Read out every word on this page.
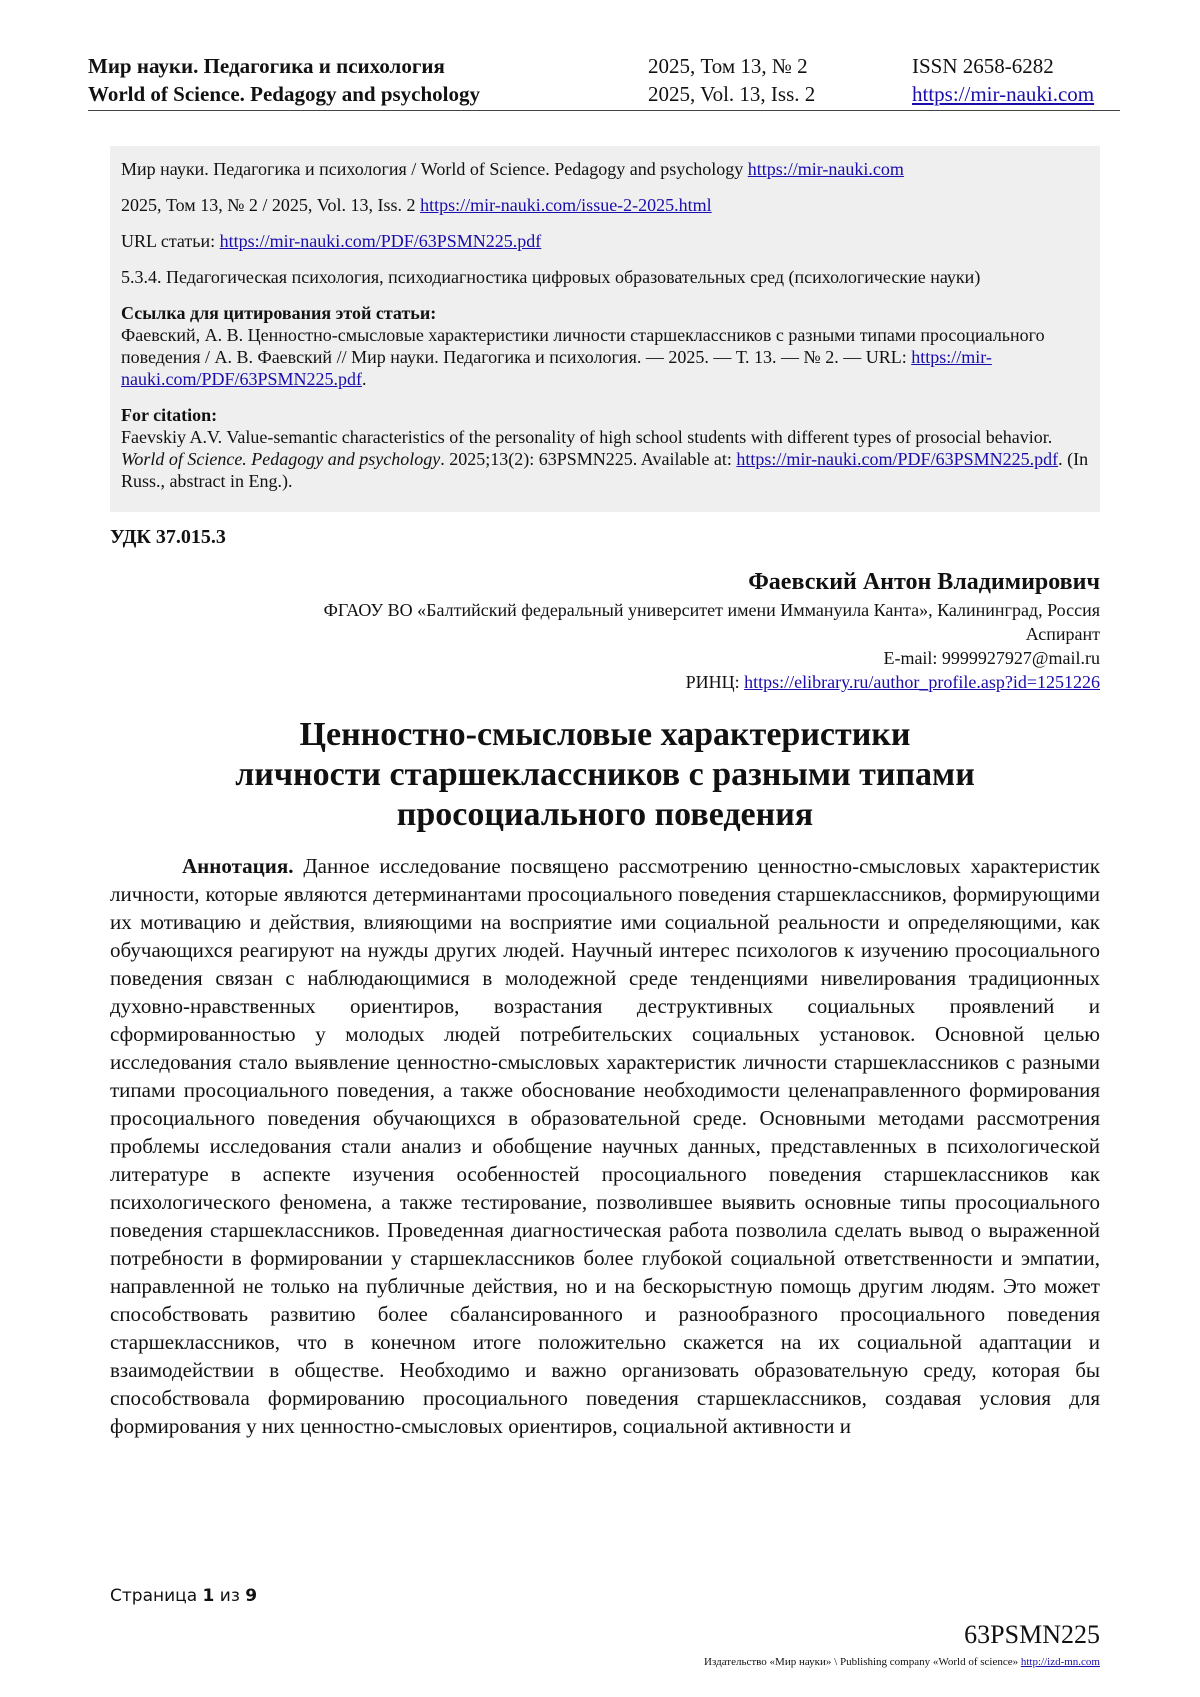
Мир науки. Педагогика и психология
World of Science. Pedagogy and psychology
2025, Том 13, № 2
2025, Vol. 13, Iss. 2
ISSN 2658-6282
https://mir-nauki.com

Мир науки. Педагогика и психология / World of Science. Pedagogy and psychology https://mir-nauki.com

2025, Том 13, № 2 / 2025, Vol. 13, Iss. 2 https://mir-nauki.com/issue-2-2025.html

URL статьи: https://mir-nauki.com/PDF/63PSMN225.pdf

5.3.4. Педагогическая психология, психодиагностика цифровых образовательных сред (психологические науки)

Ссылка для цитирования этой статьи:
Фаевский, А. В. Ценностно-смысловые характеристики личности старшеклассников с разными типами просоциального поведения / А. В. Фаевский // Мир науки. Педагогика и психология. — 2025. — Т. 13. — № 2. — URL: https://mir-nauki.com/PDF/63PSMN225.pdf.
For citation:
Faevskiy A.V. Value-semantic characteristics of the personality of high school students with different types of prosocial behavior. World of Science. Pedagogy and psychology. 2025;13(2): 63PSMN225. Available at: https://mir-nauki.com/PDF/63PSMN225.pdf. (In Russ., abstract in Eng.).
УДК 37.015.3
Фаевский Антон Владимирович
ФГАОУ ВО «Балтийский федеральный университет имени Иммануила Канта», Калининград, Россия
Аспирант
E-mail: 9999927927@mail.ru
РИНЦ: https://elibrary.ru/author_profile.asp?id=1251226
Ценностно-смысловые характеристики
личности старшеклассников с разными типами
просоциального поведения

Аннотация. Данное исследование посвящено рассмотрению ценностно-смысловых характеристик личности, которые являются детерминантами просоциального поведения старшеклассников, формирующими их мотивацию и действия, влияющими на восприятие ими социальной реальности и определяющими, как обучающихся реагируют на нужды других людей. Научный интерес психологов к изучению просоциального поведения связан с наблюдающимися в молодежной среде тенденциями нивелирования традиционных духовно-нравственных ориентиров, возрастания деструктивных социальных проявлений и сформированностью у молодых людей потребительских социальных установок. Основной целью исследования стало выявление ценностно-смысловых характеристик личности старшеклассников с разными типами просоциального поведения, а также обоснование необходимости целенаправленного формирования просоциального поведения обучающихся в образовательной среде. Основными методами рассмотрения проблемы исследования стали анализ и обобщение научных данных, представленных в психологической литературе в аспекте изучения особенностей просоциального поведения старшеклассников как психологического феномена, а также тестирование, позволившее выявить основные типы просоциального поведения старшеклассников. Проведенная диагностическая работа позволила сделать вывод о выраженной потребности в формировании у старшеклассников более глубокой социальной ответственности и эмпатии, направленной не только на публичные действия, но и на бескорыстную помощь другим людям. Это может способствовать развитию более сбалансированного и разнообразного просоциального поведения старшеклассников, что в конечном итоге положительно скажется на их социальной адаптации и взаимодействии в обществе. Необходимо и важно организовать образовательную среду, которая бы способствовала формированию просоциального поведения старшеклассников, создавая условия для формирования у них ценностно-смысловых ориентиров, социальной активности и

Страница 1 из 9
63PSMN225
Издательство «Мир науки» \ Publishing company «World of science» http://izd-mn.com
